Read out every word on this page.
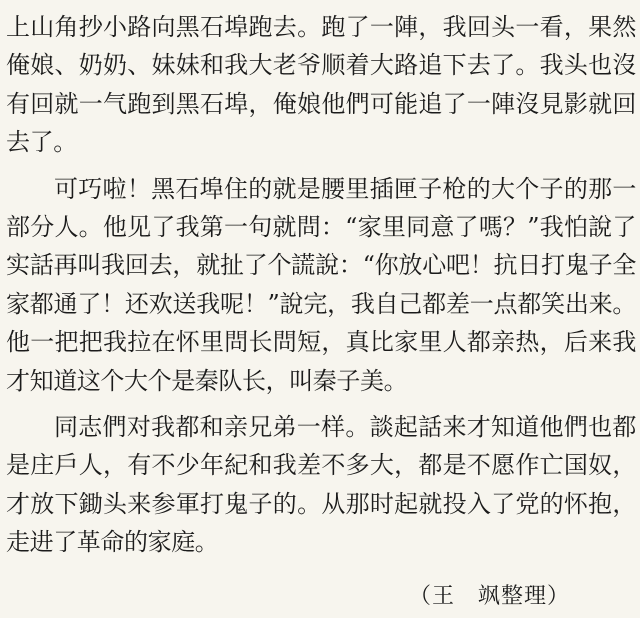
上山角抄小路向黑石埠跑去。跑了一陣，我回头一看，果然俺娘、奶奶、妹妹和我大老爷顺着大路追下去了。我头也沒有回就一气跑到黑石埠，俺娘他們可能追了一陣沒見影就回去了。

可巧啦！黑石埠住的就是腰里插匣子枪的大个子的那一部分人。他见了我第一句就問：“家里同意了嗎？”我怕說了实話再叫我回去，就扯了个謊說：“你放心吧！抗日打鬼子全家都通了！还欢送我呢！”說完，我自己都差一点都笑出来。他一把把我拉在怀里問长問短，真比家里人都亲热，后来我才知道这个大个是秦队长，叫秦子美。

同志們对我都和亲兄弟一样。談起話来才知道他們也都是庄戶人，有不少年紀和我差不多大，都是不愿作亡国奴，才放下鋤头来参軍打鬼子的。从那时起就投入了党的怀抱，走进了革命的家庭。

（王　飒整理）
